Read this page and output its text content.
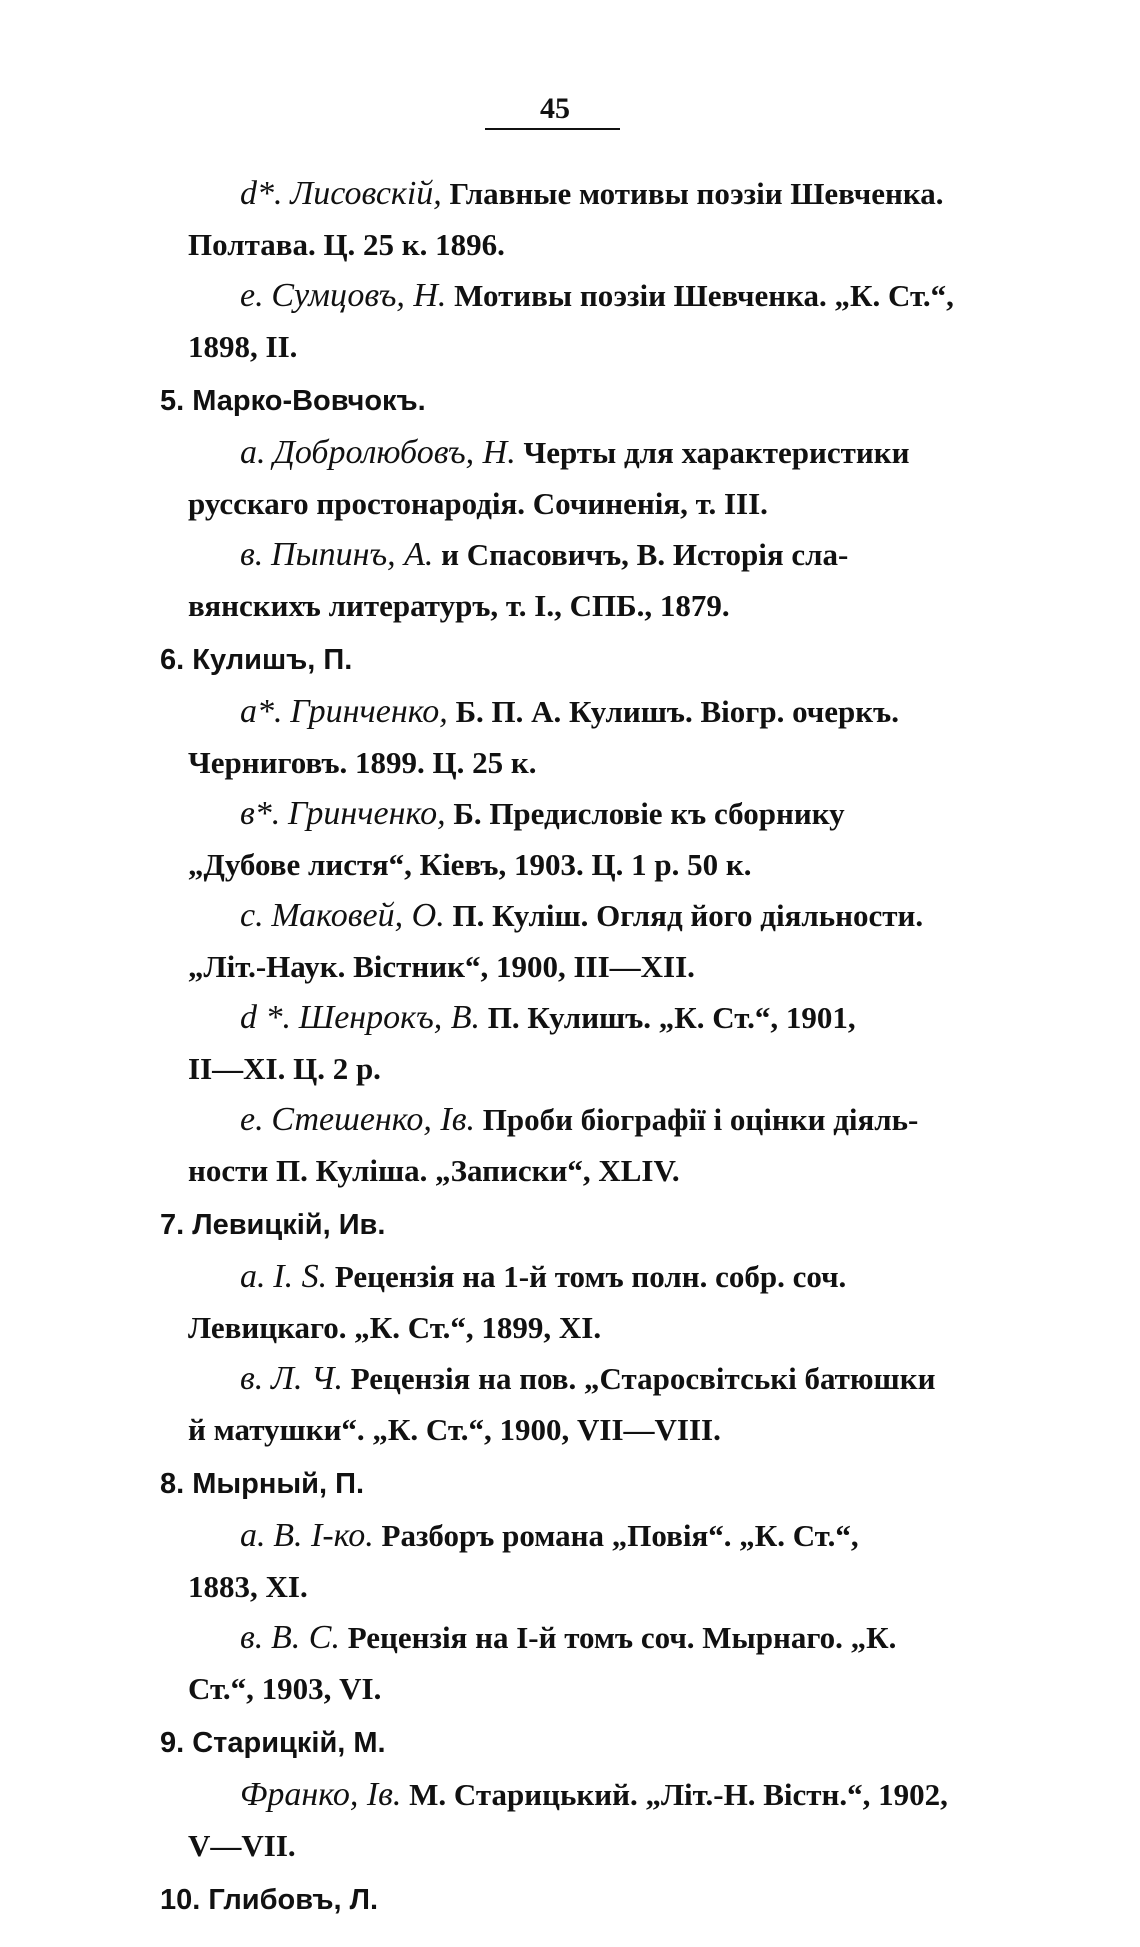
45
d*. Лисовскій, Главные мотивы поэзіи Шевченка.
Полтава. Ц. 25 к. 1896.
e. Сумцовъ, Н. Мотивы поэзіи Шевченка. „К. Ст.“,
1898, II.
5. Марко-Вовчокъ.
a. Добролюбовъ, Н. Черты для характеристики
русскаго простонародія. Сочиненія, т. III.
в. Пыпинъ, А. и Спасовичъ, В. Исторія сла-
вянскихъ литературъ, т. I., СПБ., 1879.
6. Кулишъ, П.
a*. Гринченко, Б. П. А. Кулишъ. Віогр. очеркъ.
Черниговъ. 1899. Ц. 25 к.
в*. Гринченко, Б. Предисловіе къ сборнику
„Дубове листя“, Кіевъ, 1903. Ц. 1 р. 50 к.
c. Маковей, О. П. Куліш. Огляд його діяльности.
„Літ.-Наук. Вістник“, 1900, III—XII.
d *. Шенрокъ, В. П. Кулишъ. „К. Ст.“, 1901,
II—XI. Ц. 2 р.
e. Стешенко, Iв. Проби біографії і оцінки діяль-
ности П. Куліша. „Записки“, XLIV.
7. Левицкій, Ив.
a. I. S. Рецензія на 1-й томъ полн. собр. соч.
Левицкаго. „К. Ст.“, 1899, XI.
в. Л. Ч. Рецензія на пов. „Старосвітські батюшки
й матушки“. „К. Ст.“, 1900, VII—VIII.
8. Мырный, П.
a. В. I-ко. Разборъ романа „Повія“. „К. Ст.“,
1883, XI.
в. В. С. Рецензія на I-й томъ соч. Мырнаго. „К.
Ст.“, 1903, VI.
9. Старицкій, М.
Франко, Iв. М. Старицький. „Літ.-Н. Вістн.“, 1902,
V—VII.
10. Глибовъ, Л.
